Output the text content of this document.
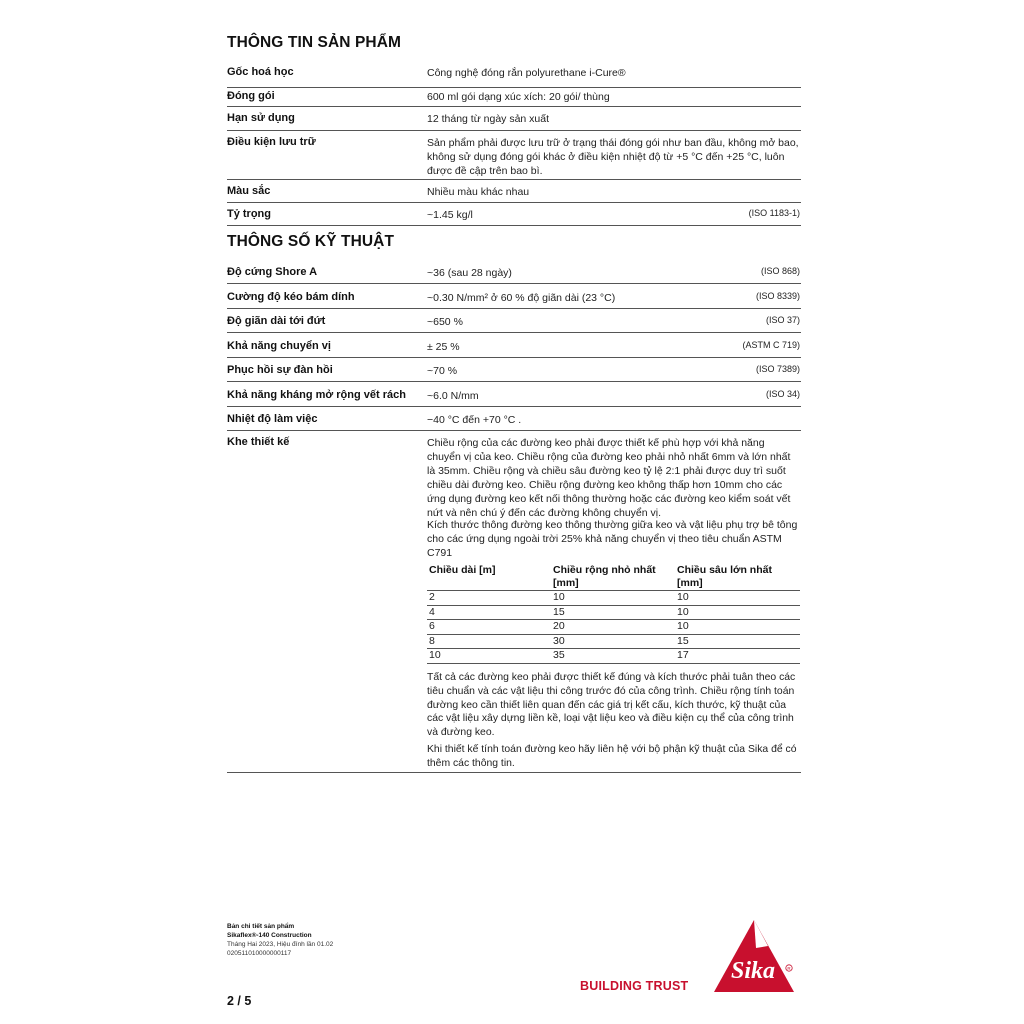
THÔNG TIN SẢN PHẨM
Gốc hoá học	Công nghệ đóng rắn polyurethane i-Cure®
Đóng gói	600 ml gói dạng xúc xích: 20 gói/ thùng
Hạn sử dụng	12 tháng từ ngày sản xuất
Điều kiện lưu trữ	Sản phẩm phải được lưu trữ ở trạng thái đóng gói như ban đầu, không mở bao, không sử dụng đóng gói khác ở điều kiện nhiệt độ từ +5 °C đến +25 °C, luôn được đề cập trên bao bì.
Màu sắc	Nhiều màu khác nhau
Tỷ trọng	~1.45 kg/l	(ISO 1183-1)
THÔNG SỐ KỸ THUẬT
Độ cứng Shore A	~36 (sau 28 ngày)	(ISO 868)
Cường độ kéo bám dính	~0.30 N/mm² ở 60 % độ giãn dài (23 °C)	(ISO 8339)
Độ giãn dài tới đứt	~650 %	(ISO 37)
Khả năng chuyển vị	± 25 %	(ASTM C 719)
Phục hồi sự đàn hồi	~70 %	(ISO 7389)
Khả năng kháng mở rộng vết rách ~6.0 N/mm	(ISO 34)
Nhiệt độ làm việc	−40 °C đến +70 °C .
Khe thiết kế	Chiều rộng của các đường keo phải được thiết kế phù hợp với khả năng chuyển vị của keo. Chiều rộng của đường keo phải nhỏ nhất 6mm và lớn nhất là 35mm. Chiều rộng và chiều sâu đường keo tỷ lệ 2:1 phải được duy trì suốt chiều dài đường keo. Chiều rộng đường keo không thấp hơn 10mm cho các ứng dụng đường keo kết nối thông thường hoặc các đường keo kiểm soát vết nứt và nên chú ý đến các đường không chuyển vị.
Kích thước thông đường keo thông thường giữa keo và vật liệu phụ trợ bê tông cho các ứng dụng ngoài trời 25% khả năng chuyển vị theo tiêu chuẩn ASTM C791
Chiều dài [m]	Chiều rộng nhỏ nhất [mm]	Chiều sâu lớn nhất [mm]
2	10	10
4	15	10
6	20	10
8	30	15
10	35	17
Tất cả các đường keo phải được thiết kế đúng và kích thước phải tuân theo các tiêu chuẩn và các vật liệu thi công trước đó của công trình. Chiều rộng tính toán đường keo cần thiết liên quan đến các giá trị kết cấu, kích thước, kỹ thuật của các vật liệu xây dựng liền kề, loại vật liệu keo và điều kiện cụ thể của công trình và đường keo.
Khi thiết kế tính toán đường keo hãy liên hệ với bộ phận kỹ thuật của Sika để có thêm các thông tin.
Bản chi tiết sản phẩm
Sikaflex®-140 Construction
Tháng Hai 2023, Hiệu đính lần 01.02
020511010000000117
2 / 5
BUILDING TRUST
Sika	R
